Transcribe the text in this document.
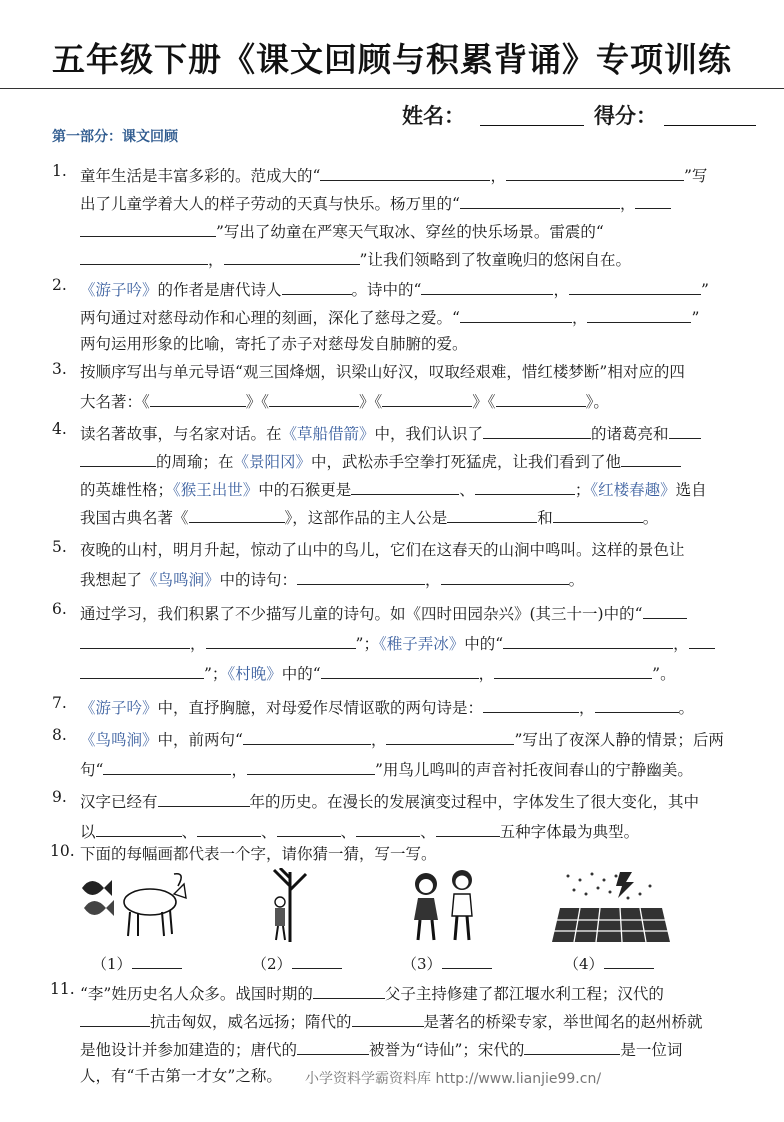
五年级下册《课文回顾与积累背诵》专项训练
姓名：	得分：
第一部分：课文回顾
1. 童年生活是丰富多彩的。范成大的“	，	”写
出了儿童学着大人的样子劳动的天真与快乐。杨万里的“	，
”写出了幼童在严寒天气取冰、穿丝的快乐场景。雷震的“
，	”让我们领略到了牧童晚归的悠闲自在。
2. 《游子吟》的作者是唐代诗人	。诗中的“	，	”
两句通过对慈母动作和心理的刻画，深化了慈母之爱。“	，	”
两句运用形象的比喻，寄托了赤子对慈母发自肺腑的爱。
3. 按顺序写出与单元导语“观三国烽烟，识梁山好汉，叹取经艰难，惜红楼梦断”相对应的四
大名著：《	》《	》《	》《	》。
4. 读名著故事，与名家对话。在《草船借箭》中，我们认识了	的诸葛亮和
的周瑜；在《景阳冈》中，武松赤手空拳打死猛虎，让我们看到了他
的英雄性格；《猴王出世》中的石猴更是	、	；《红楼春趣》选自
我国古典名著《	》，这部作品的主人公是	和	。
5. 夜晚的山村，明月升起，惊动了山中的鸟儿，它们在这春天的山涧中鸣叫。这样的景色让
我想起了《鸟鸣涧》中的诗句：	，	。
6. 通过学习，我们积累了不少描写儿童的诗句。如《四时田园杂兴》(其三十一)中的“
，	”；《稚子弄冰》中的“	，
”；《村晚》中的“	，	”。
7. 《游子吟》中，直抒胸臆，对母爱作尽情讴歌的两句诗是：	，	。
8. 《鸟鸣涧》中，前两句“	，	”写出了夜深人静的情景；后两
句“	，	”用鸟儿鸣叫的声音衬托夜间春山的宁静幽美。
9. 汉字已经有	年的历史。在漫长的发展演变过程中，字体发生了很大变化，其中
以	、	、	、	、	五种字体最为典型。
10. 下面的每幅画都代表一个字，请你猜一猜，写一写。
（1）	（2）	（3）	（4）
11. “李”姓历史名人众多。战国时期的	父子主持修建了都江堰水利工程；汉代的
抗击匈奴，威名远扬；隋代的	是著名的桥梁专家，举世闻名的赵州桥就
是他设计并参加建造的；唐代的	被誉为“诗仙”；宋代的	是一位词
人，有“千古第一才女”之称。	小学资料学霸资料库 http://www.lianjie99.cn/
